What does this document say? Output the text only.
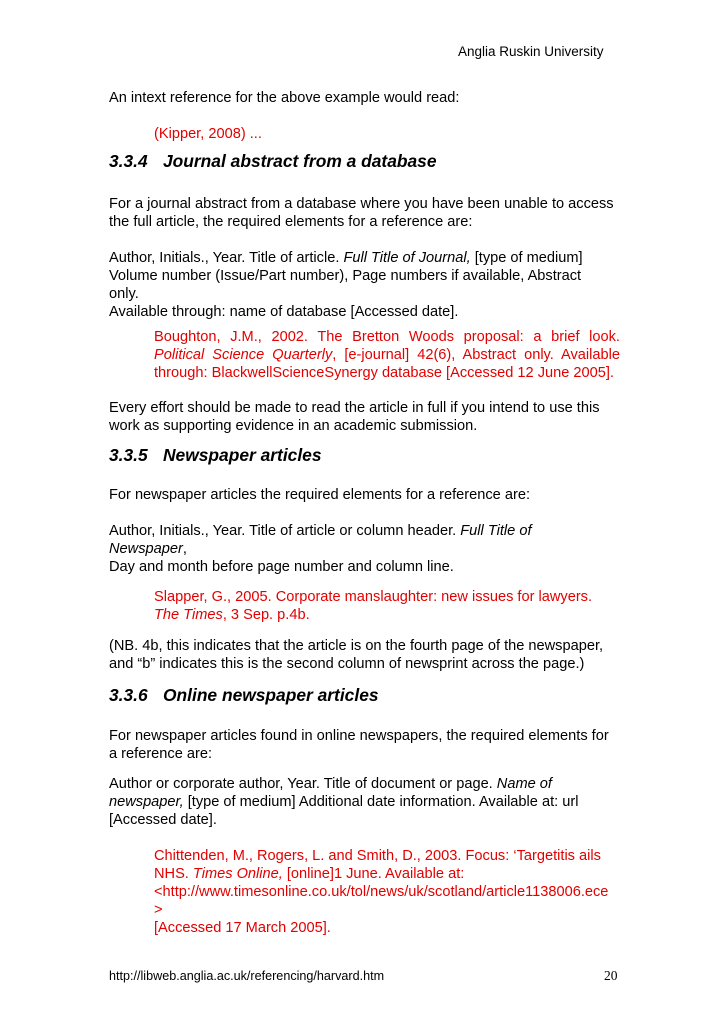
Anglia Ruskin University
An intext reference for the above example would read:
(Kipper, 2008) ...
3.3.4 Journal abstract from a database
For a journal abstract from a database where you have been unable to access the full article, the required elements for a reference are:
Author, Initials., Year. Title of article. Full Title of Journal, [type of medium]
Volume number (Issue/Part number), Page numbers if available, Abstract
only.
Available through: name of database [Accessed date].
Boughton, J.M., 2002. The Bretton Woods proposal: a brief look. Political Science Quarterly, [e-journal] 42(6), Abstract only. Available through: BlackwellScienceSynergy database [Accessed 12 June 2005].
Every effort should be made to read the article in full if you intend to use this work as supporting evidence in an academic submission.
3.3.5 Newspaper articles
For newspaper articles the required elements for a reference are:
Author, Initials., Year. Title of article or column header. Full Title of
Newspaper,
Day and month before page number and column line.
Slapper, G., 2005. Corporate manslaughter: new issues for lawyers.
The Times, 3 Sep. p.4b.
(NB. 4b, this indicates that the article is on the fourth page of the newspaper,
and “b” indicates this is the second column of newsprint across the page.)
3.3.6 Online newspaper articles
For newspaper articles found in online newspapers, the required elements for
a reference are:
Author or corporate author, Year. Title of document or page. Name of
newspaper, [type of medium] Additional date information. Available at: url
[Accessed date].
Chittenden, M., Rogers, L. and Smith, D., 2003. Focus: ‘Targetitis ails
NHS. Times Online, [online]1 June. Available at:
<http://www.timesonline.co.uk/tol/news/uk/scotland/article1138006.ece
>
[Accessed 17 March 2005].
http://libweb.anglia.ac.uk/referencing/harvard.htm	20
